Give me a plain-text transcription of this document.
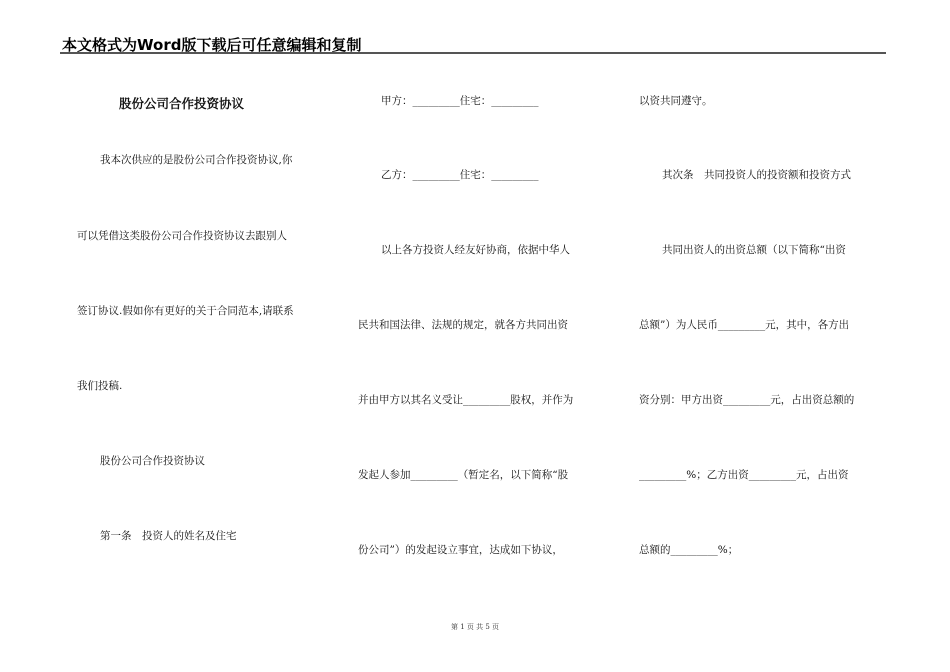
本文格式为Word版下载后可任意编辑和复制
股份公司合作投资协议
我本次供应的是股份公司合作投资协议,你
可以凭借这类股份公司合作投资协议去跟别人
签订协议.假如你有更好的关于合同范本,请联系
我们投稿.
股份公司合作投资协议
第一条　投资人的姓名及住宅
甲方：_________住宅：_________
乙方：_________住宅：_________
以上各方投资人经友好协商，依据中华人
民共和国法律、法规的规定，就各方共同出资
并由甲方以其名义受让_________股权，并作为
发起人参加_________（暂定名，以下简称“股
份公司”）的发起设立事宜，达成如下协议，
以资共同遵守。
其次条　共同投资人的投资额和投资方式
共同出资人的出资总额（以下简称“出资
总额”）为人民币_________元，其中，各方出
资分别：甲方出资_________元，占出资总额的
_________%；乙方出资_________元，占出资
总额的_________%；
第 1 页 共 5 页
